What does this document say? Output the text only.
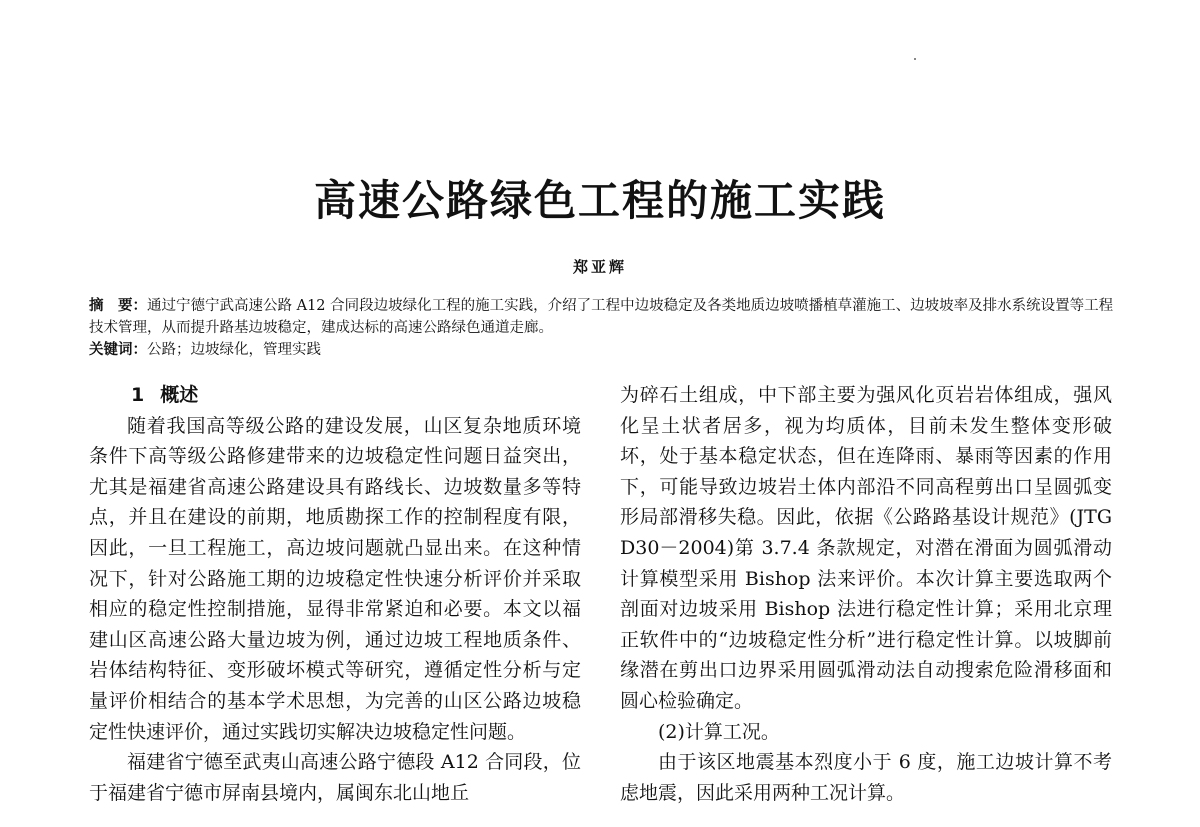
高速公路绿色工程的施工实践
郑亚辉
摘　要：通过宁德宁武高速公路 A12 合同段边坡绿化工程的施工实践，介绍了工程中边坡稳定及各类地质边坡喷播植草灌施工、边坡坡率及排水系统设置等工程技术管理，从而提升路基边坡稳定，建成达标的高速公路绿色通道走廊。
关键词：公路；边坡绿化，管理实践

1 概述

随着我国高等级公路的建设发展，山区复杂地质环境条件下高等级公路修建带来的边坡稳定性问题日益突出，尤其是福建省高速公路建设具有路线长、边坡数量多等特点，并且在建设的前期，地质勘探工作的控制程度有限，因此，一旦工程施工，高边坡问题就凸显出来。在这种情况下，针对公路施工期的边坡稳定性快速分析评价并采取相应的稳定性控制措施，显得非常紧迫和必要。本文以福建山区高速公路大量边坡为例，通过边坡工程地质条件、岩体结构特征、变形破坏模式等研究，遵循定性分析与定量评价相结合的基本学术思想，为完善的山区公路边坡稳定性快速评价，通过实践切实解决边坡稳定性问题。

福建省宁德至武夷山高速公路宁德段 A12 合同段，位于福建省宁德市屏南县境内，属闽东北山地丘

为碎石土组成，中下部主要为强风化页岩岩体组成，强风化呈土状者居多，视为均质体，目前未发生整体变形破坏，处于基本稳定状态，但在连降雨、暴雨等因素的作用下，可能导致边坡岩土体内部沿不同高程剪出口呈圆弧变形局部滑移失稳。因此，依据《公路路基设计规范》(JTG D30－2004)第 3.7.4 条款规定，对潜在滑面为圆弧滑动计算模型采用 Bishop 法来评价。本次计算主要选取两个剖面对边坡采用 Bishop 法进行稳定性计算；采用北京理正软件中的“边坡稳定性分析”进行稳定性计算。以坡脚前缘潜在剪出口边界采用圆弧滑动法自动搜索危险滑移面和圆心检验确定。

(2)计算工况。

由于该区地震基本烈度小于 6 度，施工边坡计算不考虑地震，因此采用两种工况计算。
